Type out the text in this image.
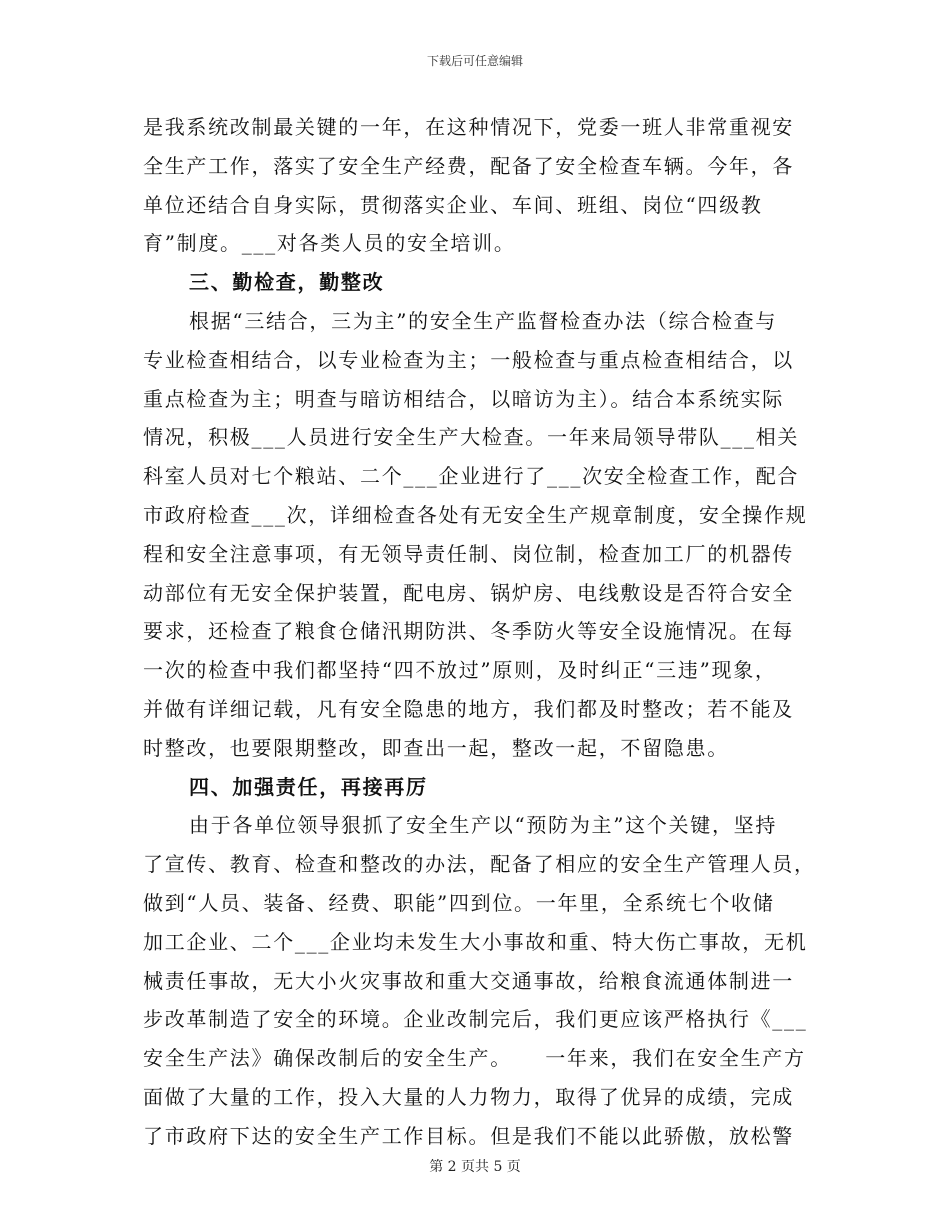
下载后可任意编辑
是我系统改制最关键的一年，在这种情况下，党委一班人非常重视安
全生产工作，落实了安全生产经费，配备了安全检查车辆。今年，各
单位还结合自身实际，贯彻落实企业、车间、班组、岗位“四级教
育”制度。___对各类人员的安全培训。
三、勤检查，勤整改
根据“三结合，三为主”的安全生产监督检查办法（综合检查与
专业检查相结合，以专业检查为主；一般检查与重点检查相结合，以
重点检查为主；明查与暗访相结合，以暗访为主）。结合本系统实际
情况，积极___人员进行安全生产大检查。一年来局领导带队___相关
科室人员对七个粮站、二个___企业进行了___次安全检查工作，配合
市政府检查___次，详细检查各处有无安全生产规章制度，安全操作规
程和安全注意事项，有无领导责任制、岗位制，检查加工厂的机器传
动部位有无安全保护装置，配电房、锅炉房、电线敷设是否符合安全
要求，还检查了粮食仓储汛期防洪、冬季防火等安全设施情况。在每
一次的检查中我们都坚持“四不放过”原则，及时纠正“三违”现象，
并做有详细记载，凡有安全隐患的地方，我们都及时整改；若不能及
时整改，也要限期整改，即查出一起，整改一起，不留隐患。
四、加强责任，再接再厉
由于各单位领导狠抓了安全生产以“预防为主”这个关键，坚持
了宣传、教育、检查和整改的办法，配备了相应的安全生产管理人员，
做到“人员、装备、经费、职能”四到位。一年里，全系统七个收储
加工企业、二个___企业均未发生大小事故和重、特大伤亡事故，无机
械责任事故，无大小火灾事故和重大交通事故，给粮食流通体制进一
步改革制造了安全的环境。企业改制完后，我们更应该严格执行《___
安全生产法》确保改制后的安全生产。　　一年来，我们在安全生产方
面做了大量的工作，投入大量的人力物力，取得了优异的成绩，完成
了市政府下达的安全生产工作目标。但是我们不能以此骄傲，放松警
第 2 页共 5 页
